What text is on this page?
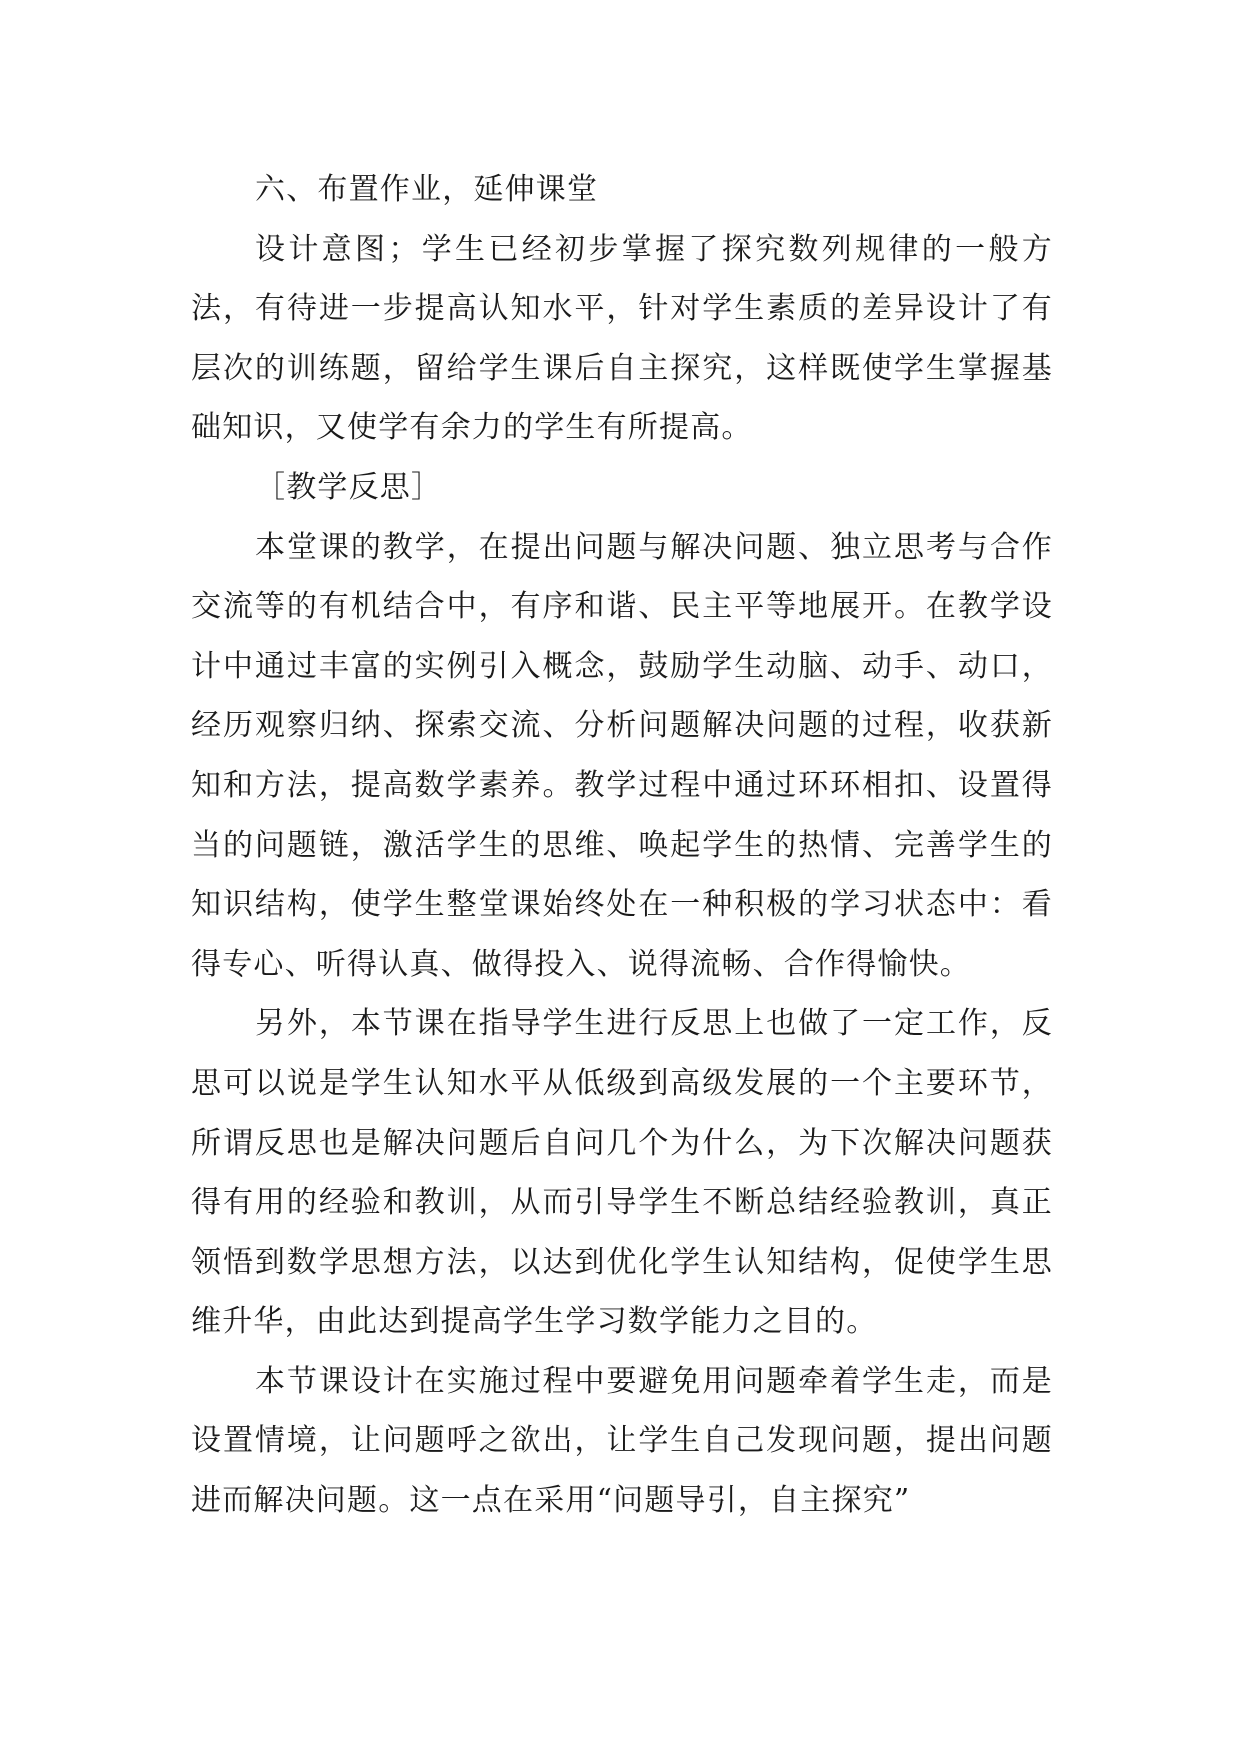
六、布置作业，延伸课堂

设计意图；学生已经初步掌握了探究数列规律的一般方法，有待进一步提高认知水平，针对学生素质的差异设计了有层次的训练题，留给学生课后自主探究，这样既使学生掌握基础知识，又使学有余力的学生有所提高。

［教学反思］

本堂课的教学，在提出问题与解决问题、独立思考与合作交流等的有机结合中，有序和谐、民主平等地展开。在教学设计中通过丰富的实例引入概念，鼓励学生动脑、动手、动口，经历观察归纳、探索交流、分析问题解决问题的过程，收获新知和方法，提高数学素养。教学过程中通过环环相扣、设置得当的问题链，激活学生的思维、唤起学生的热情、完善学生的知识结构，使学生整堂课始终处在一种积极的学习状态中：看得专心、听得认真、做得投入、说得流畅、合作得愉快。

另外，本节课在指导学生进行反思上也做了一定工作，反思可以说是学生认知水平从低级到高级发展的一个主要环节，所谓反思也是解决问题后自问几个为什么，为下次解决问题获得有用的经验和教训，从而引导学生不断总结经验教训，真正领悟到数学思想方法，以达到优化学生认知结构，促使学生思维升华，由此达到提高学生学习数学能力之目的。

本节课设计在实施过程中要避免用问题牵着学生走，而是设置情境，让问题呼之欲出，让学生自己发现问题，提出问题进而解决问题。这一点在采用“问题导引，自主探究”
